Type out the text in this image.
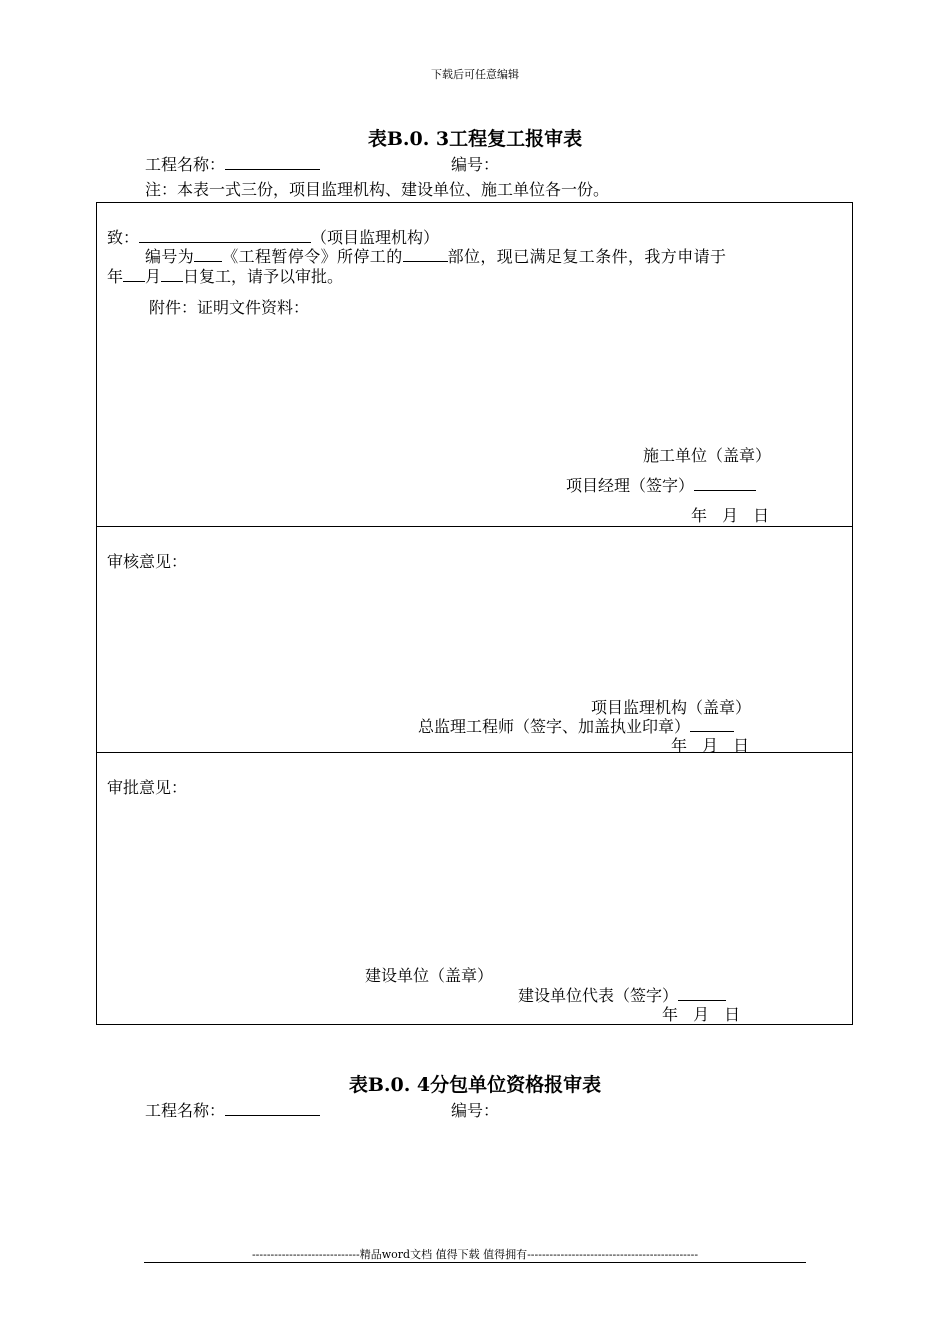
下载后可任意编辑
表B.0. 3工程复工报审表
工程名称：	编号：
注：本表一式三份，项目监理机构、建设单位、施工单位各一份。
致：	（项目监理机构）
编号为 《工程暂停令》所停工的	部位，现已满足复工条件，我方申请于
年 月 日复工，请予以审批。
附件：证明文件资料：
施工单位（盖章）
项目经理（签字）
年 月 日
审核意见：
项目监理机构（盖章）
总监理工程师（签字、加盖执业印章）
年 月 日
审批意见：
建设单位（盖章）
建设单位代表（签字）
年 月 日
表B.0. 4分包单位资格报审表
工程名称：	编号：
-----------------------------精品word文档 值得下载 值得拥有----------------------------------------------
